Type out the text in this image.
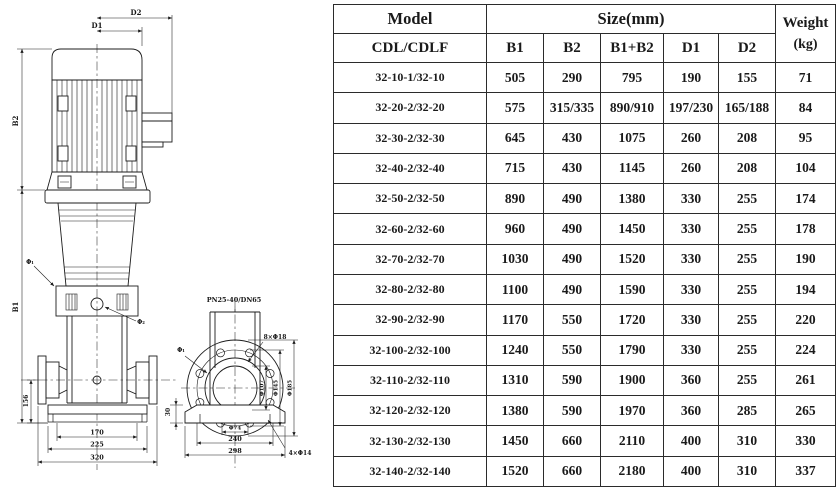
D1
D2
B2
B1
Φ₁
Φ₂
156
170
225
320
PN25-40/DN65
8×Φ18
Φ₁
Φ107 Φ145 Φ185
Φ74
240
298	4×Φ14
30
Model	Size(mm)					Weight
(kg)

CDL/CDLF	B1	B2	B1+B2	D1	D2	
32-10-1/32-10	505	290	795	190	155	71
32-20-2/32-20	575	315/335	890/910	197/230	165/188	84
32-30-2/32-30	645	430	1075	260	208	95
32-40-2/32-40	715	430	1145	260	208	104
32-50-2/32-50	890	490	1380	330	255	174
32-60-2/32-60	960	490	1450	330	255	178
32-70-2/32-70	1030	490	1520	330	255	190
32-80-2/32-80	1100	490	1590	330	255	194
32-90-2/32-90	1170	550	1720	330	255	220
32-100-2/32-100	1240	550	1790	330	255	224
32-110-2/32-110	1310	590	1900	360	255	261
32-120-2/32-120	1380	590	1970	360	285	265
32-130-2/32-130	1450	660	2110	400	310	330
32-140-2/32-140	1520	660	2180	400	310	337
